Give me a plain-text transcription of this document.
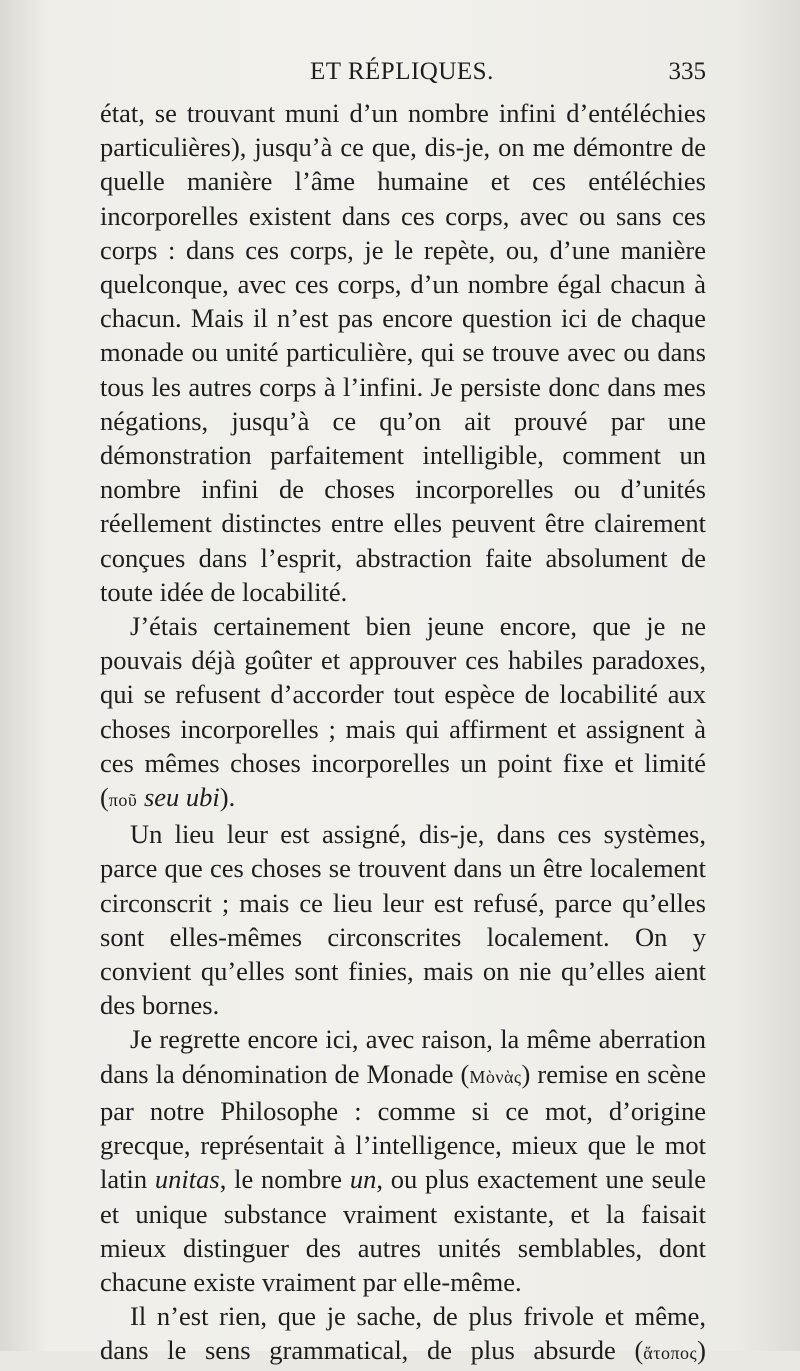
ET RÉPLIQUES.	335

état, se trouvant muni d’un nombre infini d’entéléchies particulières), jusqu’à ce que, dis-je, on me démontre de quelle manière l’âme humaine et ces entéléchies incorporelles existent dans ces corps, avec ou sans ces corps : dans ces corps, je le repète, ou, d’une manière quelconque, avec ces corps, d’un nombre égal chacun à chacun. Mais il n’est pas encore question ici de chaque monade ou unité particulière, qui se trouve avec ou dans tous les autres corps à l’infini. Je persiste donc dans mes négations, jusqu’à ce qu’on ait prouvé par une démonstration parfaitement intelligible, comment un nombre infini de choses incorporelles ou d’unités réellement distinctes entre elles peuvent être clairement conçues dans l’esprit, abstraction faite absolument de toute idée de locabilité.

J’étais certainement bien jeune encore, que je ne pouvais déjà goûter et approuver ces habiles paradoxes, qui se refusent d’accorder tout espèce de locabilité aux choses incorporelles ; mais qui affirment et assignent à ces mêmes choses incorporelles un point fixe et limité (ποῦ seu ubi).

Un lieu leur est assigné, dis-je, dans ces systèmes, parce que ces choses se trouvent dans un être localement circonscrit ; mais ce lieu leur est refusé, parce qu’elles sont elles-mêmes circonscrites localement. On y convient qu’elles sont finies, mais on nie qu’elles aient des bornes.

Je regrette encore ici, avec raison, la même aberration dans la dénomination de Monade (Μὸνὰς) remise en scène par notre Philosophe : comme si ce mot, d’origine grecque, représentait à l’intelligence, mieux que le mot latin unitas, le nombre un, ou plus exactement une seule et unique substance vraiment existante, et la faisait mieux distinguer des autres unités semblables, dont chacune existe vraiment par elle-même.

Il n’est rien, que je sache, de plus frivole et même, dans le sens grammatical, de plus absurde (ἄτοπος)
